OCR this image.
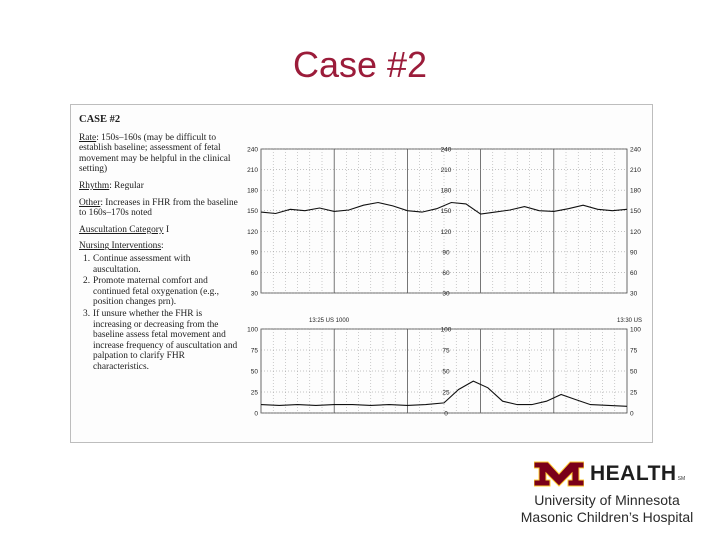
Case #2
CASE #2

Rate: 150s–160s (may be difficult to establish baseline; assessment of fetal movement may be helpful in the clinical setting)

Rhythm: Regular

Other: Increases in FHR from the baseline to 160s–170s noted

Auscultation Category I

Nursing Interventions:

1. Continue assessment with auscultation.
2. Promote maternal comfort and continued fetal oxygenation (e.g., position changes prn).
3. If unsure whether the FHR is increasing or decreasing from the baseline assess fetal movement and increase frequency of auscultation and palpation to clarify FHR characteristics.
240	240	240
210	210	210
180	180	180
150	150	150
120	120	120
90	90	90
60	60	60
30	30	30
13:25 US 1000	13:30 US
100	100	100
75	75	75
50	50	50
25	25	25
0	0	0
HEALTH SM
University of Minnesota
Masonic Children’s Hospital
